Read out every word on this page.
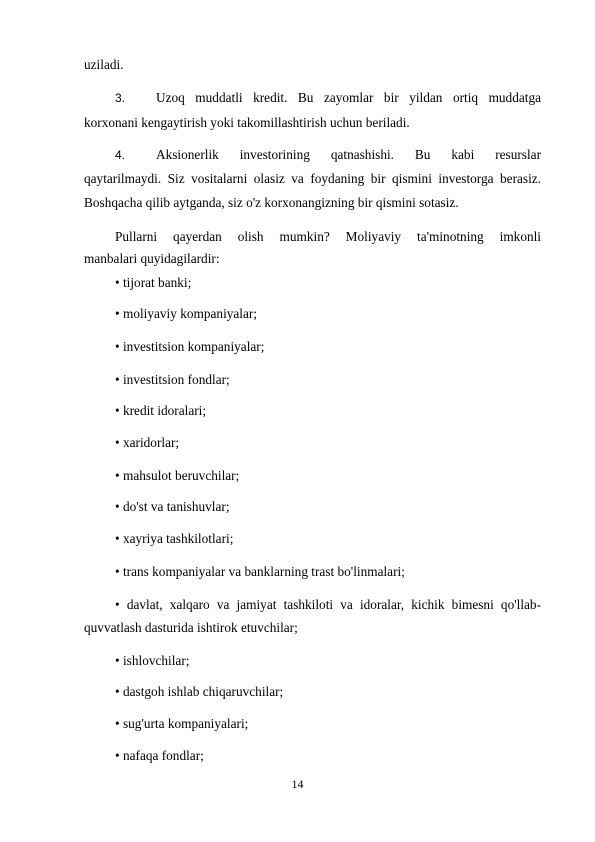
uziladi.
3. Uzoq muddatli kredit. Bu zayomlar bir yildan ortiq muddatga
korxonani kengaytirish yoki takomillashtirish uchun beriladi.
4. Aksionerlik investorining qatnashishi. Bu kabi resurslar
qaytarilmaydi. Siz vositalarni olasiz va foydaning bir qismini investorga berasiz.
Boshqacha qilib aytganda, siz o'z korxonangizning bir qismini sotasiz.
Pullarni qayerdan olish mumkin? Moliyaviy ta'minotning imkonli
manbalari quyidagilardir:
• tijorat banki;
• moliyaviy kompaniyalar;
• investitsion kompaniyalar;
• investitsion fondlar;
• kredit idoralari;
• xaridorlar;
• mahsulot beruvchilar;
• do'st va tanishuvlar;
• xayriya tashkilotlari;
• trans kompaniyalar va banklarning trast bo'linmalari;
• davlat, xalqaro va jamiyat tashkiloti va idoralar, kichik bimesni qo'llab-
quvvatlash dasturida ishtirok etuvchilar;
• ishlovchilar;
• dastgoh ishlab chiqaruvchilar;
• sug'urta kompaniyalari;
• nafaqa fondlar;
14
